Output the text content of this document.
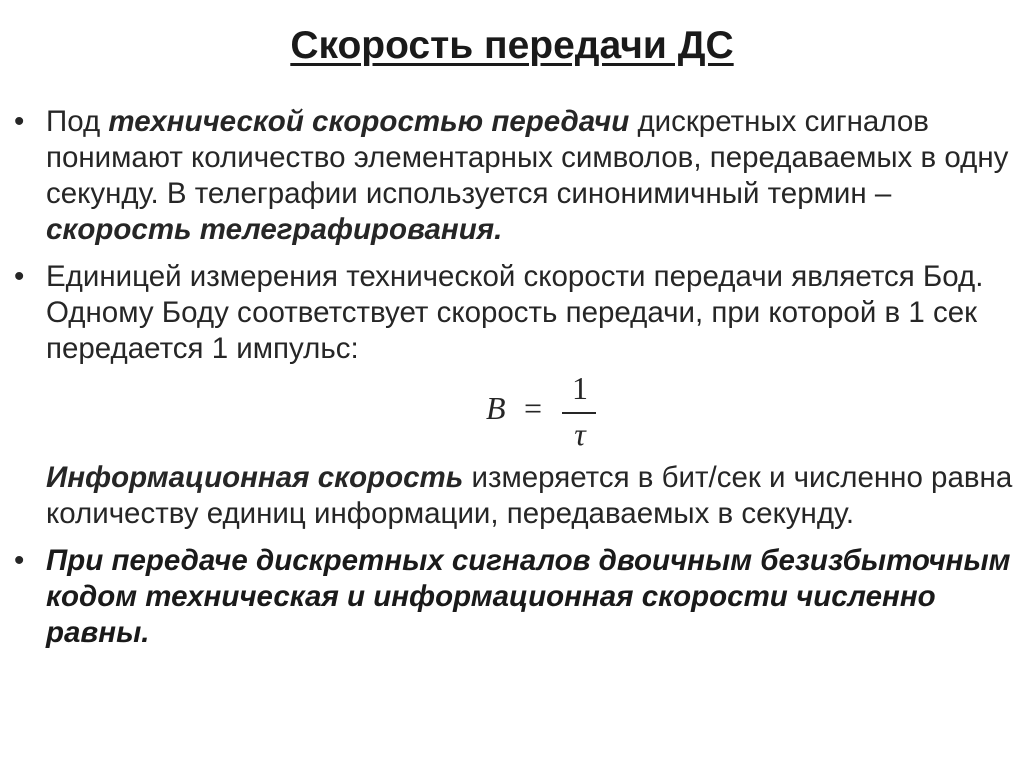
Скорость передачи ДС

• Под технической скоростью передачи дискретных сигналов понимают количество элементарных символов, передаваемых в одну секунду. В телеграфии используется синонимичный термин – скорость телеграфирования.

• Единицей измерения технической скорости передачи является Бод. Одному Боду соответствует скорость передачи, при которой в 1 сек передается 1 импульс:

B =
1
τ

Информационная скорость измеряется в бит/сек и численно равна количеству единиц информации, передаваемых в секунду.

• При передаче дискретных сигналов двоичным безизбыточным кодом техническая и информационная скорости численно равны.
